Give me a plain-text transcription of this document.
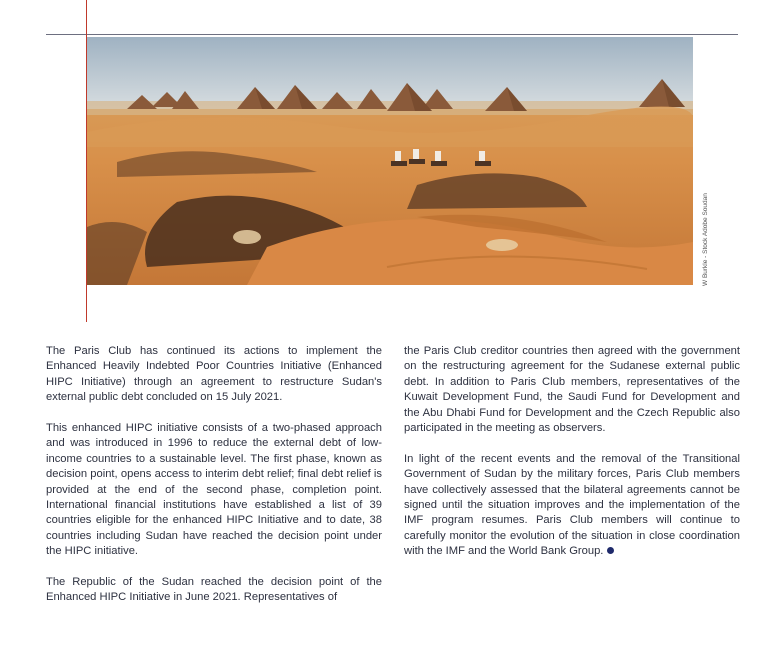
W Burkle - Stock Adobe Soudan

The Paris Club has continued its actions to implement the Enhanced Heavily Indebted Poor Countries Initiative (Enhanced HIPC Initiative) through an agreement to restructure Sudan's external public debt concluded on 15 July 2021.

This enhanced HIPC initiative consists of a two-phased approach and was introduced in 1996 to reduce the external debt of low-income countries to a sustainable level. The first phase, known as decision point, opens access to interim debt relief; final debt relief is provided at the end of the second phase, completion point. International financial institutions have established a list of 39 countries eligible for the enhanced HIPC Initiative and to date, 38 countries including Sudan have reached the decision point under the HIPC initiative.

The Republic of the Sudan reached the decision point of the Enhanced HIPC Initiative in June 2021. Representatives of

the Paris Club creditor countries then agreed with the government on the restructuring agreement for the Sudanese external public debt. In addition to Paris Club members, representatives of the Kuwait Development Fund, the Saudi Fund for Development and the Abu Dhabi Fund for Development and the Czech Republic also participated in the meeting as observers.

In light of the recent events and the removal of the Transitional Government of Sudan by the military forces, Paris Club members have collectively assessed that the bilateral agreements cannot be signed until the situation improves and the implementation of the IMF program resumes. Paris Club members will continue to carefully monitor the evolution of the situation in close coordination with the IMF and the World Bank Group.
